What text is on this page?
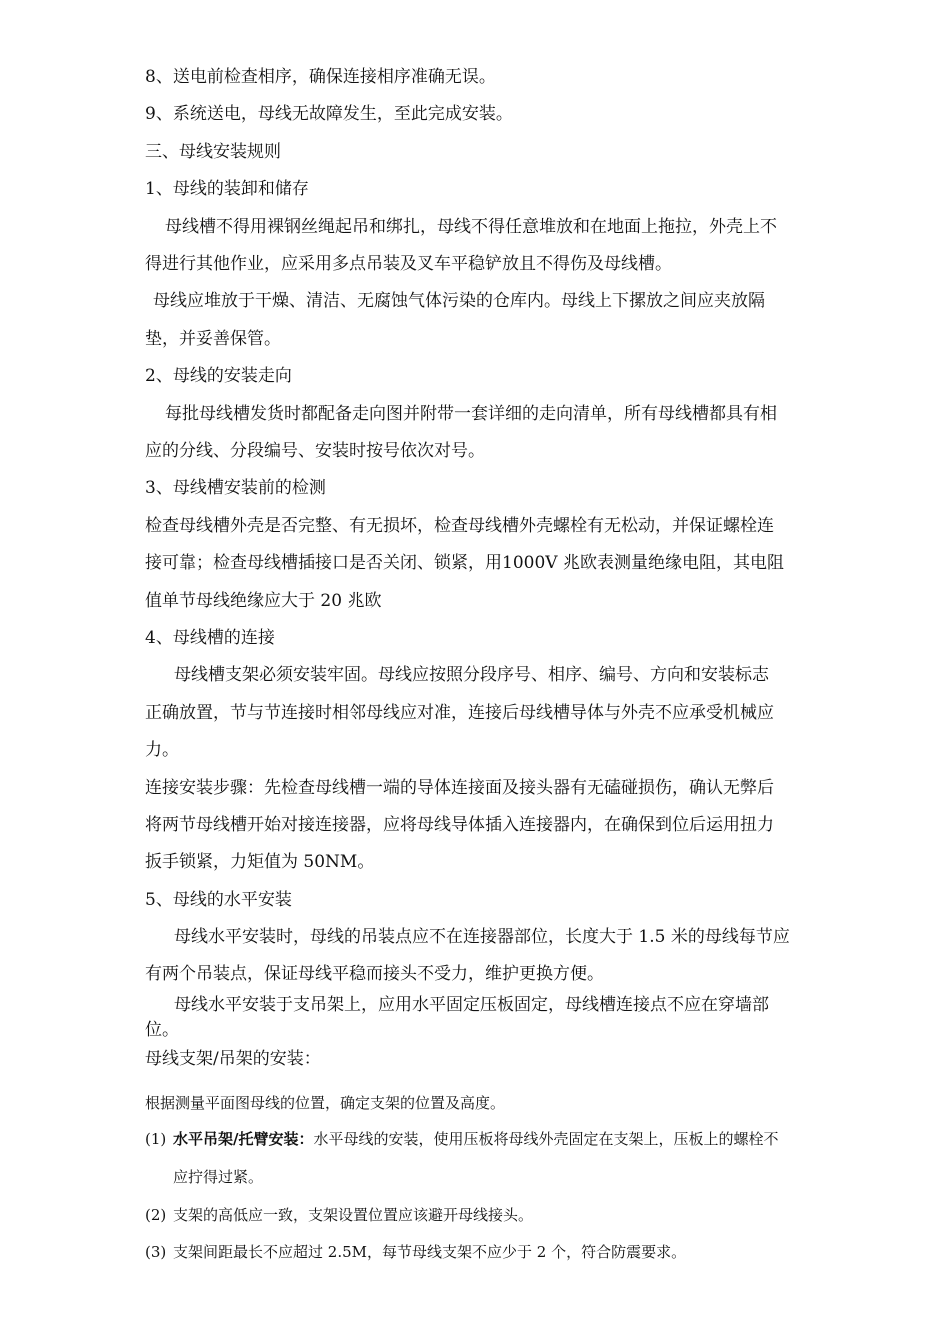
8、送电前检查相序，确保连接相序准确无误。
9、系统送电，母线无故障发生，至此完成安装。
三、母线安装规则
1、母线的装卸和储存
母线槽不得用裸钢丝绳起吊和绑扎，母线不得任意堆放和在地面上拖拉，外壳上不
得进行其他作业，应采用多点吊装及叉车平稳铲放且不得伤及母线槽。
母线应堆放于干燥、清洁、无腐蚀气体污染的仓库内。母线上下摞放之间应夹放隔
垫，并妥善保管。
2、母线的安装走向
每批母线槽发货时都配备走向图并附带一套详细的走向清单，所有母线槽都具有相
应的分线、分段编号、安装时按号依次对号。
3、母线槽安装前的检测
检查母线槽外壳是否完整、有无损坏，检查母线槽外壳螺栓有无松动，并保证螺栓连
接可靠；检查母线槽插接口是否关闭、锁紧，用1000V 兆欧表测量绝缘电阻，其电阻
值单节母线绝缘应大于 20 兆欧
4、母线槽的连接
母线槽支架必须安装牢固。母线应按照分段序号、相序、编号、方向和安装标志
正确放置，节与节连接时相邻母线应对准，连接后母线槽导体与外壳不应承受机械应
力。
连接安装步骤：先检查母线槽一端的导体连接面及接头器有无磕碰损伤，确认无弊后
将两节母线槽开始对接连接器，应将母线导体插入连接器内，在确保到位后运用扭力
扳手锁紧，力矩值为 50NM。
5、母线的水平安装
母线水平安装时，母线的吊装点应不在连接器部位，长度大于 1.5 米的母线每节应
有两个吊装点，保证母线平稳而接头不受力，维护更换方便。
母线水平安装于支吊架上，应用水平固定压板固定，母线槽连接点不应在穿墙部
位。
母线支架/吊架的安装：
根据测量平面图母线的位置，确定支架的位置及高度。
(1) 水平吊架/托臂安装：水平母线的安装，使用压板将母线外壳固定在支架上，压板上的螺栓不
应拧得过紧。
(2) 支架的高低应一致，支架设置位置应该避开母线接头。
(3) 支架间距最长不应超过 2.5M，每节母线支架不应少于 2 个，符合防震要求。
